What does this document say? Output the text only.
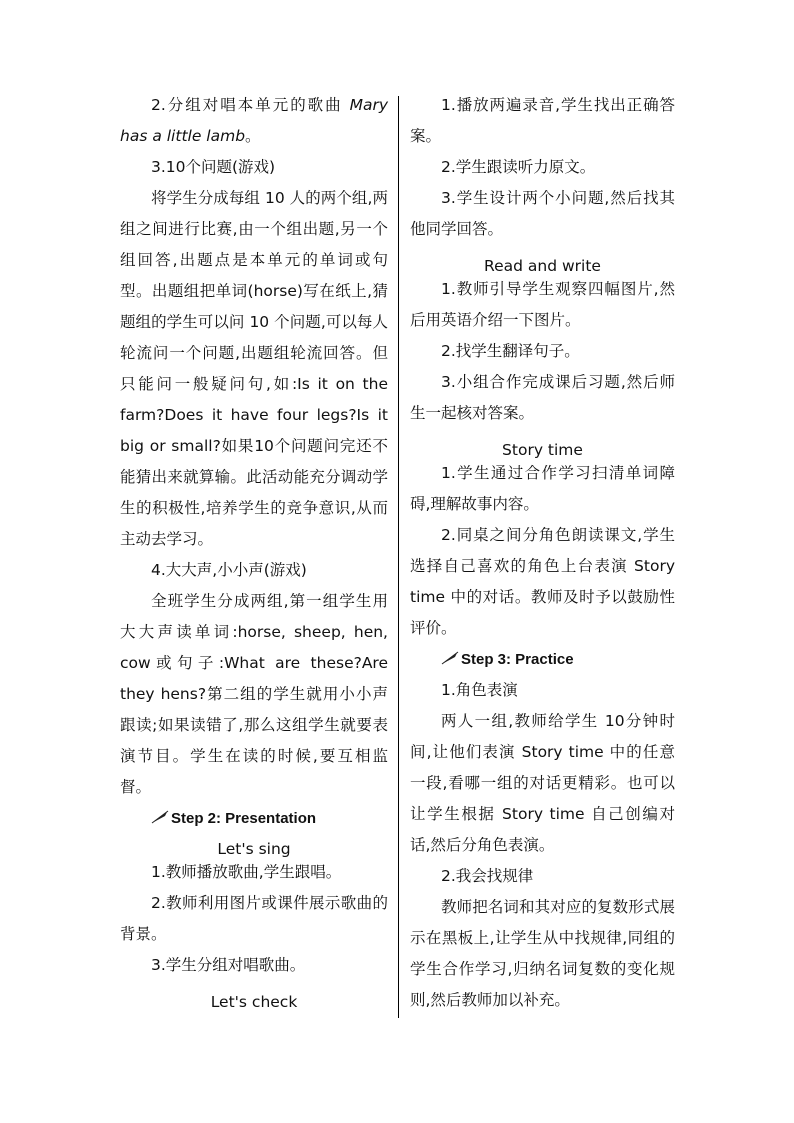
2.分组对唱本单元的歌曲 Mary has a little lamb。

3.10个问题(游戏)

将学生分成每组 10 人的两个组,两组之间进行比赛,由一个组出题,另一个组回答,出题点是本单元的单词或句型。出题组把单词(horse)写在纸上,猜题组的学生可以问 10 个问题,可以每人轮流问一个问题,出题组轮流回答。但只能问一般疑问句,如:Is it on the farm?Does it have four legs?Is it big or small?如果10个问题问完还不能猜出来就算输。此活动能充分调动学生的积极性,培养学生的竞争意识,从而主动去学习。

4.大大声,小小声(游戏)

全班学生分成两组,第一组学生用大大声读单词:horse, sheep, hen, cow或句子:What are these?Are they hens?第二组的学生就用小小声跟读;如果读错了,那么这组学生就要表演节目。学生在读的时候,要互相监督。

Step 2: Presentation

Let's sing

1.教师播放歌曲,学生跟唱。

2.教师利用图片或课件展示歌曲的背景。

3.学生分组对唱歌曲。

Let's check

1.播放两遍录音,学生找出正确答案。

2.学生跟读听力原文。

3.学生设计两个小问题,然后找其他同学回答。

Read and write

1.教师引导学生观察四幅图片,然后用英语介绍一下图片。

2.找学生翻译句子。

3.小组合作完成课后习题,然后师生一起核对答案。

Story time

1.学生通过合作学习扫清单词障碍,理解故事内容。

2.同桌之间分角色朗读课文,学生选择自己喜欢的角色上台表演 Story time 中的对话。教师及时予以鼓励性评价。

Step 3: Practice

1.角色表演

两人一组,教师给学生 10分钟时间,让他们表演 Story time 中的任意一段,看哪一组的对话更精彩。也可以让学生根据 Story time 自己创编对话,然后分角色表演。

2.我会找规律

教师把名词和其对应的复数形式展示在黑板上,让学生从中找规律,同组的学生合作学习,归纳名词复数的变化规则,然后教师加以补充。
